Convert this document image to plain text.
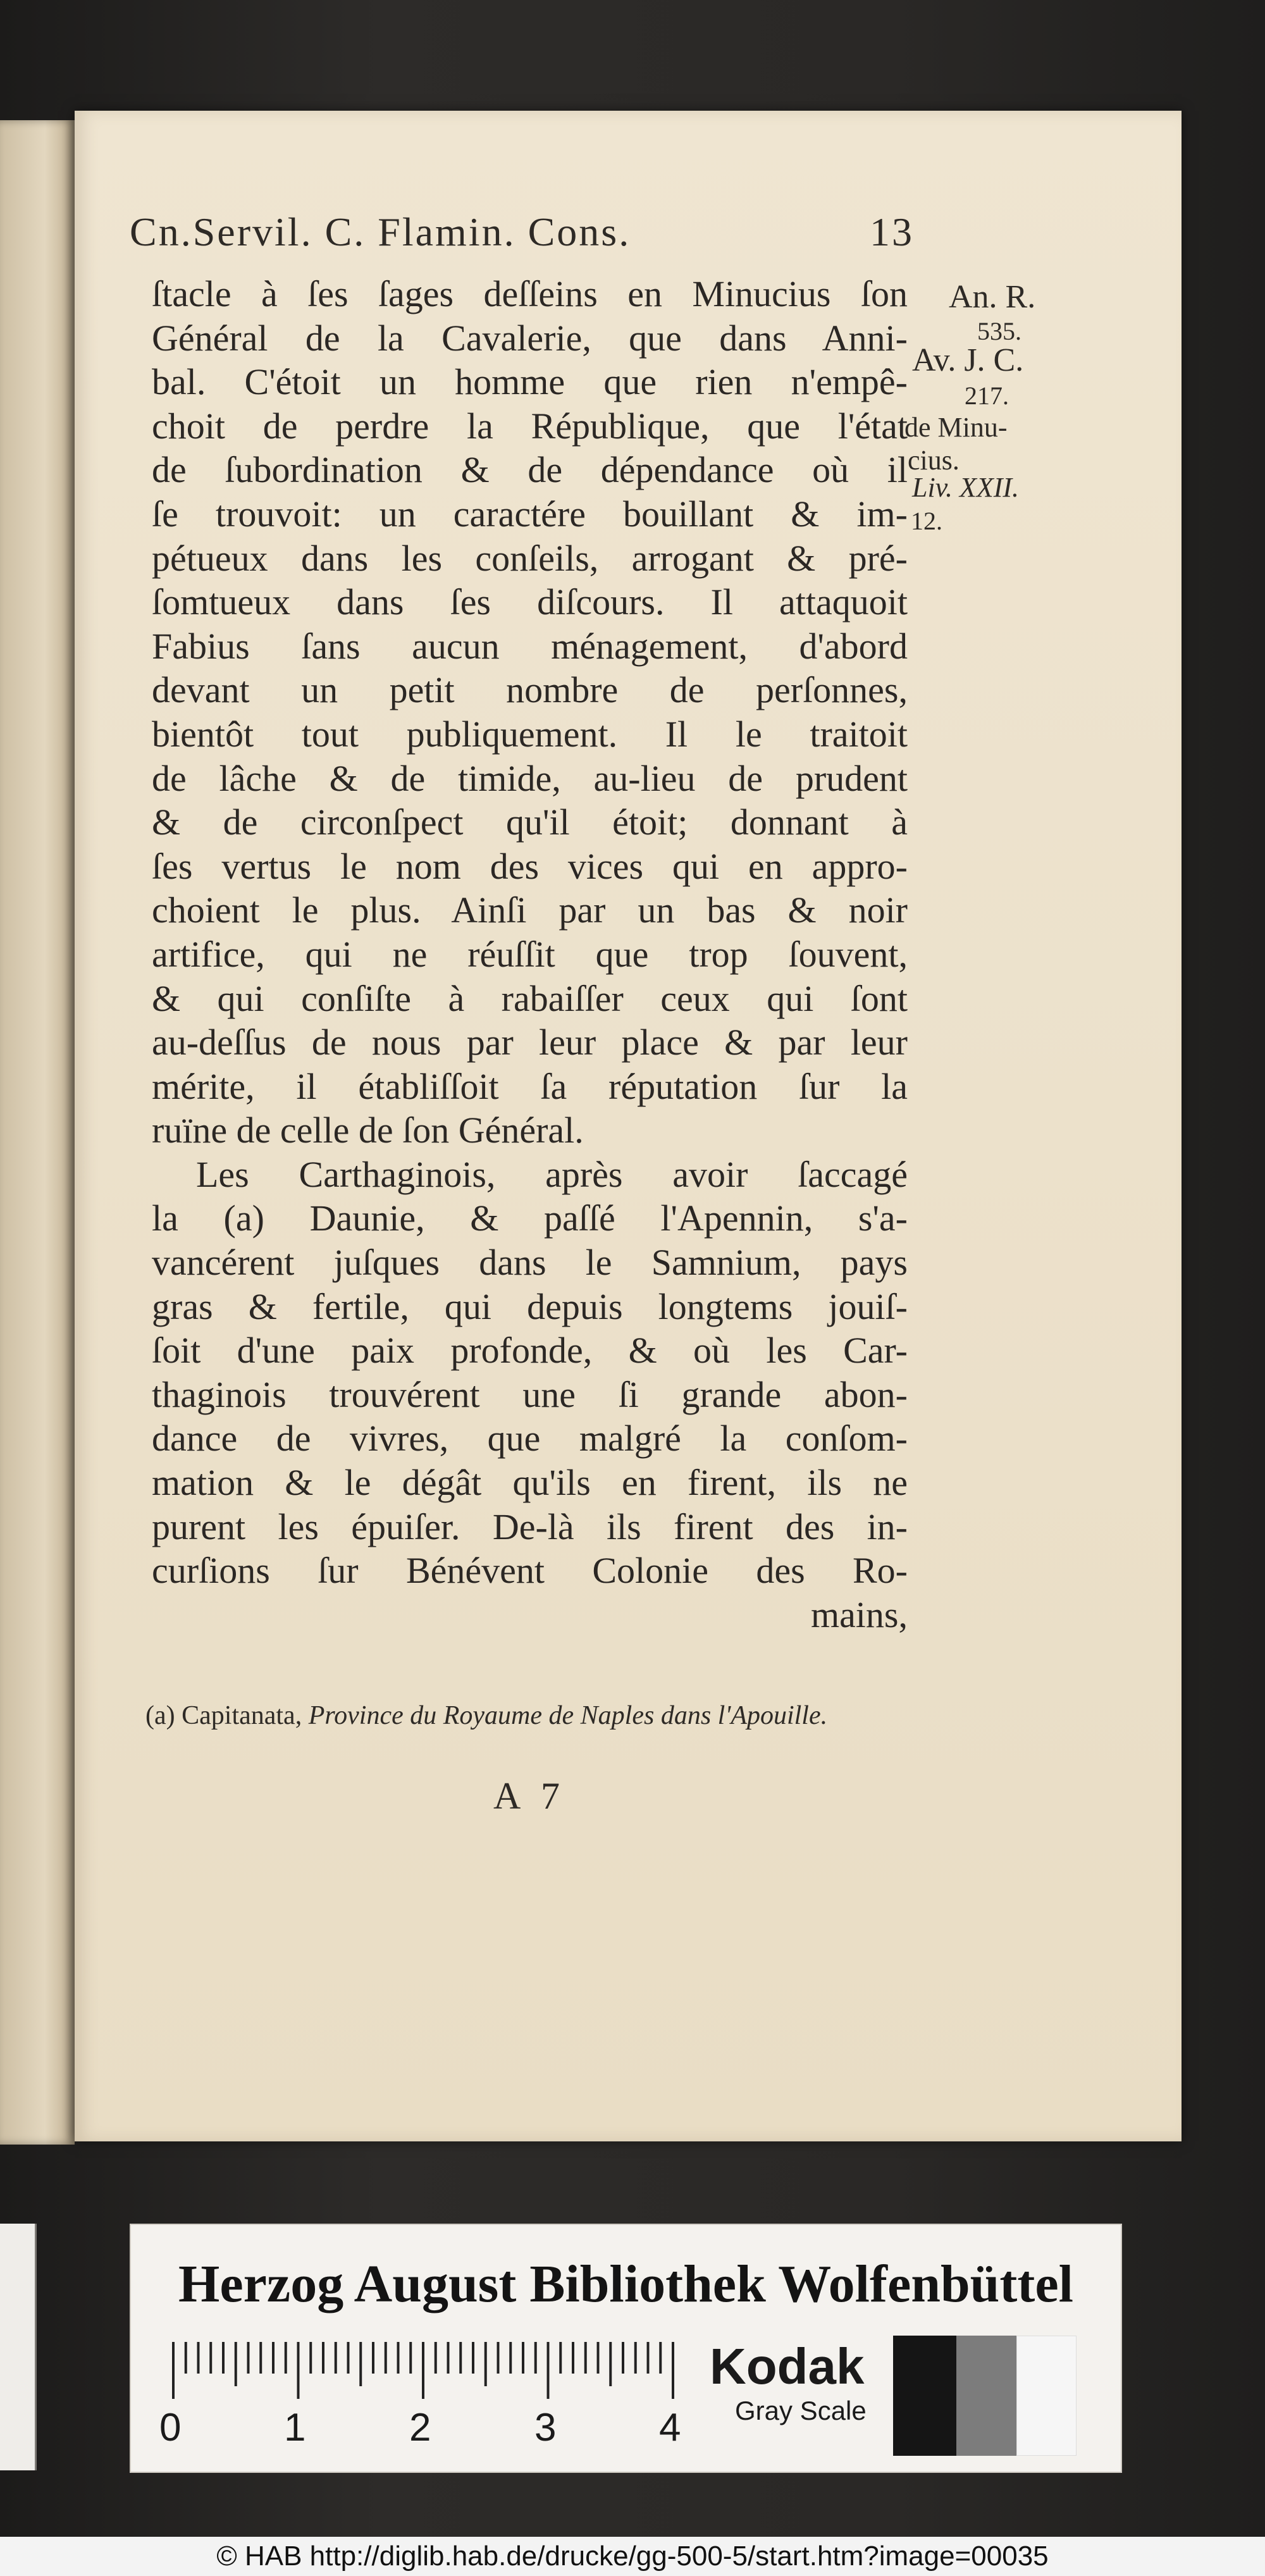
Cn.Servil. C. Flamin. Cons.	13
ſtacle à ſes ſages deſſeins en Minucius ſon
Général de la Cavalerie, que dans Anni-
bal. C'étoit un homme que rien n'empê-
choit de perdre la République, que l'état
de ſubordination & de dépendance où il
ſe trouvoit: un caractére bouillant & im-
pétueux dans les conſeils, arrogant & pré-
ſomtueux dans ſes diſcours. Il attaquoit
Fabius ſans aucun ménagement, d'abord
devant un petit nombre de perſonnes,
bientôt tout publiquement. Il le traitoit
de lâche & de timide, au-lieu de prudent
& de circonſpect qu'il étoit; donnant à
ſes vertus le nom des vices qui en appro-
choient le plus. Ainſi par un bas & noir
artifice, qui ne réuſſit que trop ſouvent,
& qui conſiſte à rabaiſſer ceux qui ſont
au-deſſus de nous par leur place & par leur
mérite, il établiſſoit ſa réputation ſur la
ruïne de celle de ſon Général.
Les Carthaginois, après avoir ſaccagé
la (a) Daunie, & paſſé l'Apennin, s'a-
vancérent juſques dans le Samnium, pays
gras & fertile, qui depuis longtems jouiſ-
ſoit d'une paix profonde, & où les Car-
thaginois trouvérent une ſi grande abon-
dance de vivres, que malgré la conſom-
mation & le dégât qu'ils en firent, ils ne
purent les épuiſer. De-là ils firent des in-
curſions ſur Bénévent Colonie des Ro-
mains,
An. R.
535.
Av. J. C.
217.
de Minu-
cius.
Liv. XXII.
12.
(a) Capitanata, Province du Royaume de Naples dans l'Apouille.
A 7
Herzog August Bibliothek Wolfenbüttel
0	1	2	3	4
Kodak
Gray Scale
© HAB http://diglib.hab.de/drucke/gg-500-5/start.htm?image=00035
